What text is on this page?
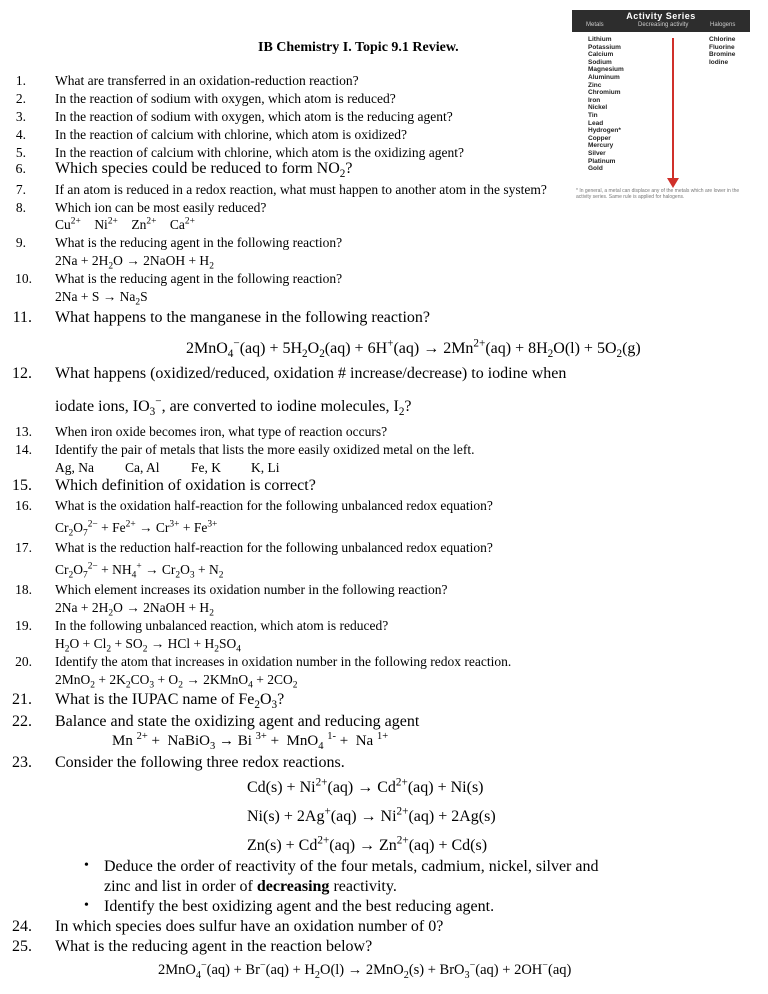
Activity Series
Metals	Decreasing activity	Halogens
Lithium
Potassium
Calcium
Sodium
Magnesium
Aluminum
Zinc
Chromium
Iron
Nickel
Tin
Lead
Hydrogen*
Copper
Mercury
Silver
Platinum
Gold
Chlorine
Fluorine
Bromine
Iodine
* In general, a metal can displace any of the metals which are lower in the activity series. Same rule is applied for halogens.
IB Chemistry I. Topic 9.1 Review.
1. What are transferred in an oxidation-reduction reaction?
2. In the reaction of sodium with oxygen, which atom is reduced?
3. In the reaction of sodium with oxygen, which atom is the reducing agent?
4. In the reaction of calcium with chlorine, which atom is oxidized?
5. In the reaction of calcium with chlorine, which atom is the oxidizing agent?
6. Which species could be reduced to form $NO_2$?
7. If an atom is reduced in a redox reaction, what must happen to another atom in the system?
8. Which ion can be most easily reduced?
$Cu^{2+}$    $Ni^{2+}$    $Zn^{2+}$    $Ca^{2+}$
9. What is the reducing agent in the following reaction?
$2Na + 2H_2O$ → 2NaOH + $H_2$
10. What is the reducing agent in the following reaction?
$2Na + S \to Na_2S$
11. What happens to the manganese in the following reaction?
$2MnO_4^-(aq) + 5H_2O_2(aq) + 6H^+(aq) \to 2Mn^{2+}(aq) + 8H_2O(l) + 5O_2(g)$
12. What happens (oxidized/reduced, oxidation # increase/decrease) to iodine when
iodate ions, $IO_3^-$, are converted to iodine molecules, $I_2$?
13. When iron oxide becomes iron, what type of reaction occurs?
14. Identify the pair of metals that lists the more easily oxidized metal on the left.
Ag, Na Ca, Al Fe, K K, Li
15. Which definition of oxidation is correct?
16. What is the oxidation half-reaction for the following unbalanced redox equation?
$Cr_2O_7^{2-} + Fe^{2+} \to Cr^{3+} + Fe^{3+}$
17. What is the reduction half-reaction for the following unbalanced redox equation?
$Cr_2O_7^{2-} + NH_4^+ \to Cr_2O_3 + N_2$
18. Which element increases its oxidation number in the following reaction?
$2Na + 2H_2O$ → 2NaOH + $H_2$
19. In the following unbalanced reaction, which atom is reduced?
$H_2O + Cl_2 + SO_2$ → HCl + $H_2SO_4$
20. Identify the atom that increases in oxidation number in the following redox reaction.
$2MnO_2 + 2K_2CO_3 + O_2$ → 2KMnO$_4$ + $2CO_2$
21. What is the IUPAC name of $Fe_2O_3$?
22. Balance and state the oxidizing agent and reducing agent
Mn $^{2+}$ +  NaBiO$_3$ → Bi $^{3+}$ +  MnO$_4$ $^{1-}$ +  Na $^{1+}$
23. Consider the following three redox reactions.
$Cd(s) + Ni^{2+}(aq) \to Cd^{2+}(aq) + Ni(s)$
$Ni(s) + 2Ag^+(aq) \to Ni^{2+}(aq) + 2Ag(s)$
$Zn(s) + Cd^{2+}(aq) \to Zn^{2+}(aq) + Cd(s)$
• Deduce the order of reactivity of the four metals, cadmium, nickel, silver and
zinc and list in order of decreasing reactivity.
• Identify the best oxidizing agent and the best reducing agent.
24. In which species does sulfur have an oxidation number of 0?
25. What is the reducing agent in the reaction below?
$2MnO_4^-(aq) + Br^-(aq) + H_2O(l) \to 2MnO_2(s) + BrO_3^-(aq) + 2OH^-(aq)$
